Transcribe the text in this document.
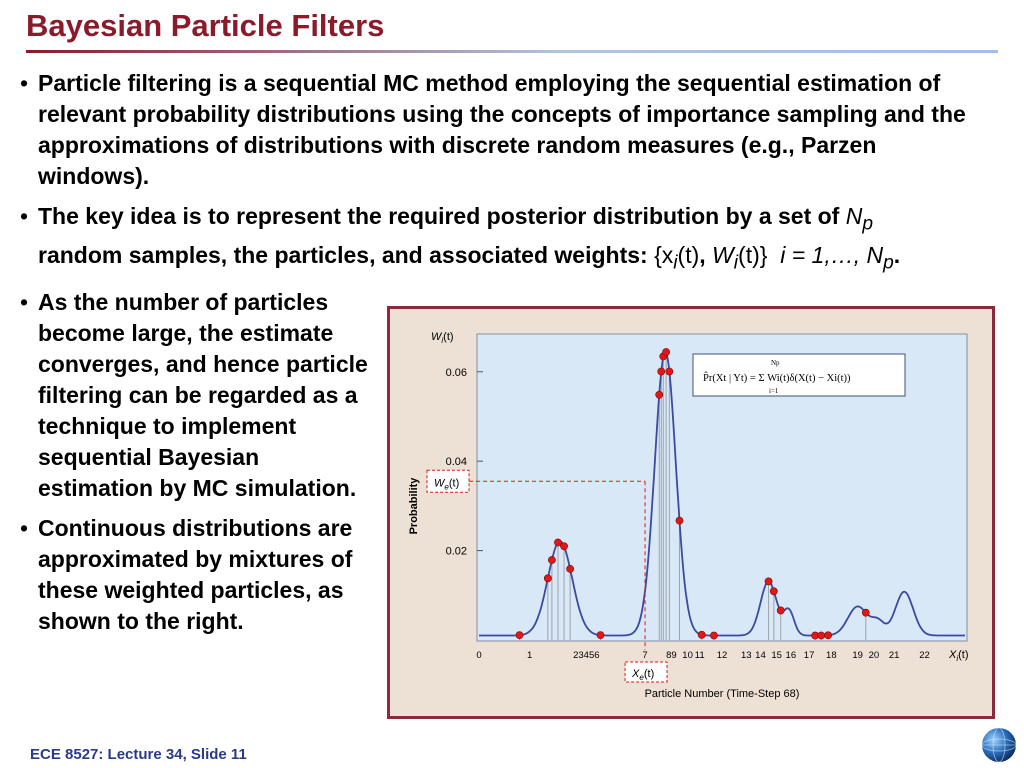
Bayesian Particle Filters
• Particle filtering is a sequential MC method employing the sequential estimation of relevant probability distributions using the concepts of importance sampling and the approximations of distributions with discrete random measures (e.g., Parzen windows).
• The key idea is to represent the required posterior distribution by a set of $N_p$
random samples, the particles, and associated weights: {$x_i(t)$, $W_i(t)$} i = 1,…, $N_p$.
• As the number of particles become large, the estimate converges, and hence particle filtering can be regarded as a technique to implement sequential Bayesian estimation by MC simulation.
• Continuous distributions are approximated by mixtures of these weighted particles, as shown to the right.
$W_e(t)$
$X_e(t)$
P̂r(Xt | Yt) = Σ Wi(t)δ(X(t) − Xi(t))
Np
i=1
$W_i(t)$
Probability
$X_i(t)$
Particle Number (Time-Step 68)
0.06
0.04
0.02
0	1	23456	7 89 10 11 12 13 14 15 16 17 18 19 20 21 22
ECE 8527: Lecture 34, Slide 11
